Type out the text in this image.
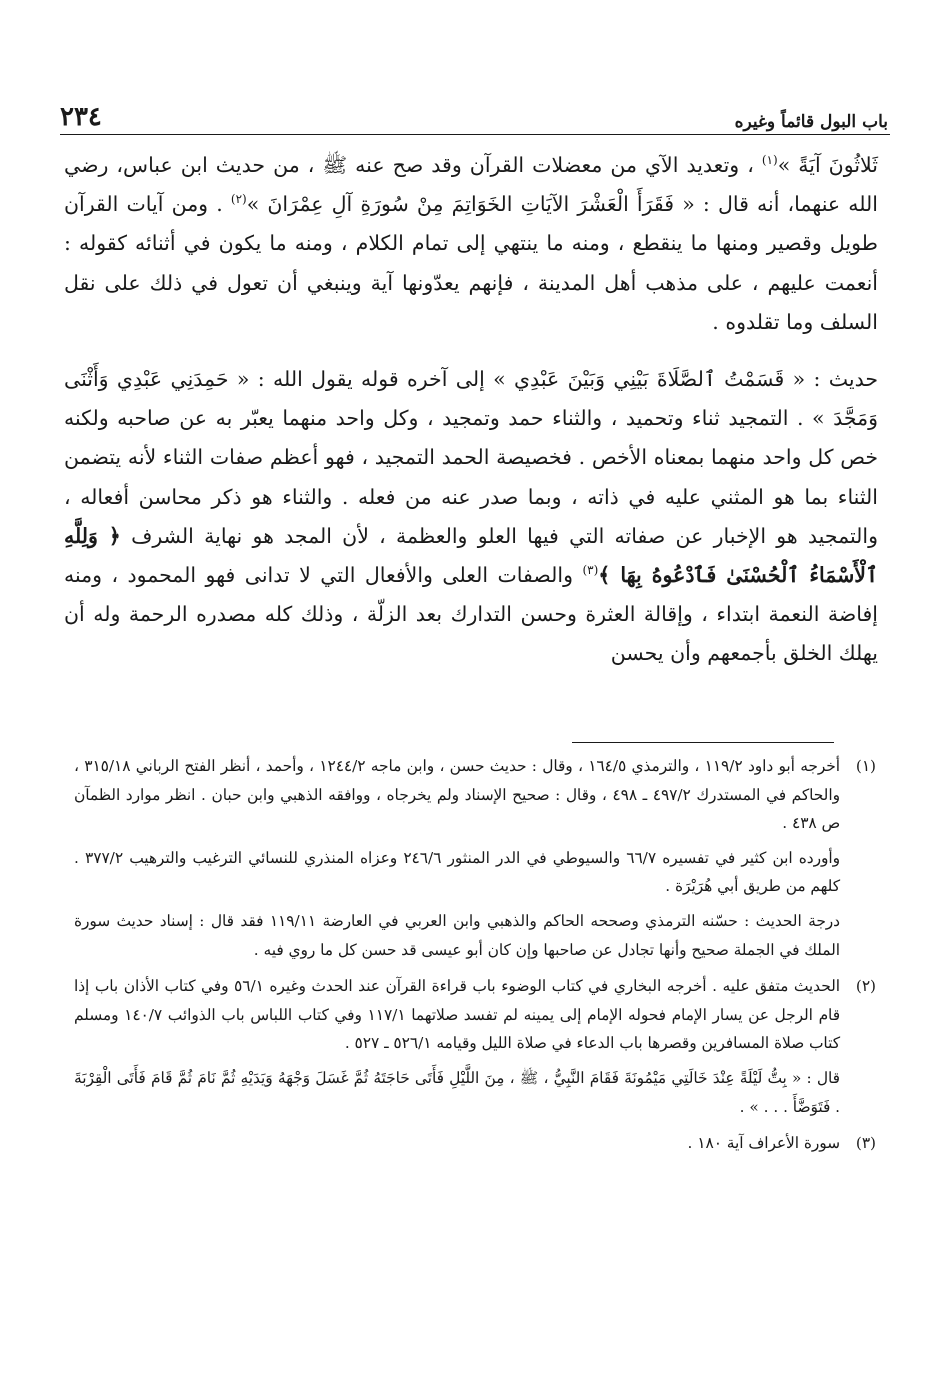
باب البول قائماً وغيره
٢٣٤

ثَلاثُونَ آيَةً »$^{(١)}$ ، وتعديد الآي من معضلات القرآن وقد صح عنه ﷺ ، من حديث ابن عباس، رضي الله عنهما، أنه قال : « فَقَرَأَ الْعَشْرَ الآيَاتِ الخَوَاتِمَ مِنْ سُورَةِ آلِ عِمْرَانَ »$^{(٢)}$ . ومن آيات القرآن طويل وقصير ومنها ما ينقطع ، ومنه ما ينتهي إلى تمام الكلام ، ومنه ما يكون في أثنائه كقوله : أنعمت عليهم ، على مذهب أهل المدينة ، فإنهم يعدّونها آية وينبغي أن تعول في ذلك على نقل السلف وما تقلدوه .

حديث : « قَسَمْتُ ٱلصَّلَاةَ بَيْنِي وَبَيْنَ عَبْدِي » إلى آخره قوله يقول الله : « حَمِدَنِي عَبْدِي وَأَثْنَى وَمَجَّدَ » . التمجيد ثناء وتحميد ، والثناء حمد وتمجيد ، وكل واحد منهما يعبّر به عن صاحبه ولكنه خص كل واحد منهما بمعناه الأخص . فخصيصة الحمد التمجيد ، فهو أعظم صفات الثناء لأنه يتضمن الثناء بما هو المثني عليه في ذاته ، وبما صدر عنه من فعله . والثناء هو ذكر محاسن أفعاله ، والتمجيد هو الإخبار عن صفاته التي فيها العلو والعظمة ، لأن المجد هو نهاية الشرف ﴿ وَلِلَّهِ ٱلْأَسْمَاءُ ٱلْحُسْنَىٰ فَٱدْعُوهُ بِهَا ﴾$^{(٣)}$ والصفات العلى والأفعال التي لا تدانى فهو المحمود ، ومنه إفاضة النعمة ابتداء ، وإقالة العثرة وحسن التدارك بعد الزلّة ، وذلك كله مصدره الرحمة وله أن يهلك الخلق بأجمعهم وأن يحسن

(١)أخرجه أبو داود ١١٩/٢ ، والترمذي ١٦٤/٥ ، وقال : حديث حسن ، وابن ماجه ١٢٤٤/٢ ، وأحمد ، أنظر الفتح الرباني ٣١٥/١٨ ، والحاكم في المستدرك ٤٩٧/٢ ـ ٤٩٨ ، وقال : صحيح الإسناد ولم يخرجاه ، ووافقه الذهبي وابن حبان . انظر موارد الظمآن ص ٤٣٨ .

وأورده ابن كثير في تفسيره ٦٦/٧ والسيوطي في الدر المنثور ٢٤٦/٦ وعزاه المنذري للنسائي الترغيب والترهيب ٣٧٧/٢ . كلهم من طريق أبي هُرَيْرَة .

درجة الحديث : حسّنه الترمذي وصححه الحاكم والذهبي وابن العربي في العارضة ١١٩/١١ فقد قال : إسناد حديث سورة الملك في الجملة صحيح وأنها تجادل عن صاحبها وإن كان أبو عيسى قد حسن كل ما روي فيه .

(٢)الحديث متفق عليه . أخرجه البخاري في كتاب الوضوء باب قراءة القرآن عند الحدث وغيره ٥٦/١ وفي كتاب الأذان باب إذا قام الرجل عن يسار الإمام فحوله الإمام إلى يمينه لم تفسد صلاتهما ١١٧/١ وفي كتاب اللباس باب الذوائب ١٤٠/٧ ومسلم كتاب صلاة المسافرين وقصرها باب الدعاء في صلاة الليل وقيامه ٥٢٦/١ ـ ٥٢٧ .

قال : « بِتُّ لَيْلَةً عِنْدَ خَالَتِي مَيْمُونَةَ فَقَامَ النَّبِيُّ ، ﷺ ، مِنَ اللَّيْلِ فَأَتَى حَاجَتَهُ ثُمَّ غَسَلَ وَجْهَهُ وَيَدَيْهِ ثُمَّ نَامَ ثُمَّ قَامَ فَأَتَى الْقِرْبَةَ . فَتَوَضَّأَ . . . » .

(٣)سورة الأعراف آية ١٨٠ .
